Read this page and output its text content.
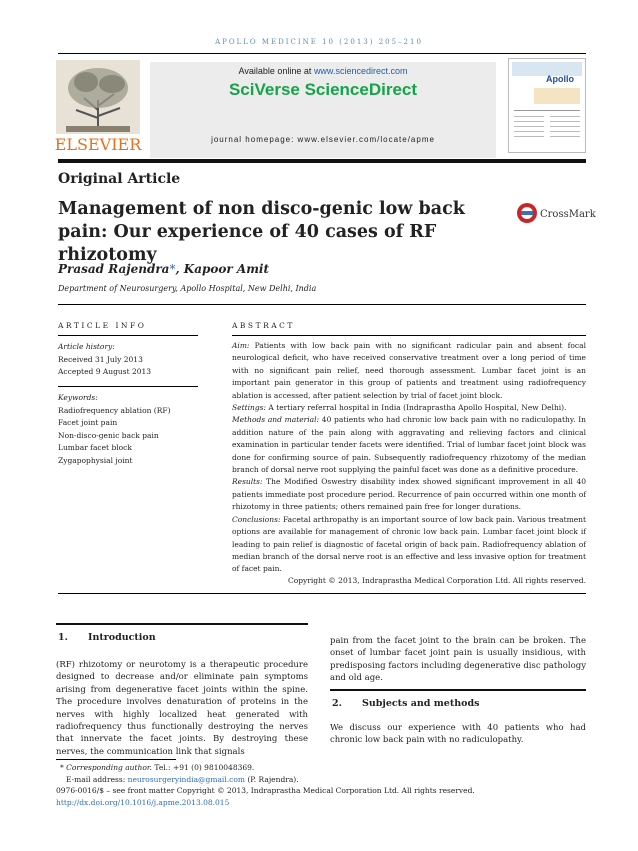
APOLLO MEDICINE 10 (2013) 205–210
ELSEVIER
Available online at www.sciencedirect.com
SciVerse ScienceDirect
journal homepage: www.elsevier.com/locate/apme
Apollo
Original Article
Management of non disco-genic low back pain: Our experience of 40 cases of RF rhizotomy
CrossMark
Prasad Rajendra*, Kapoor Amit
Department of Neurosurgery, Apollo Hospital, New Delhi, India
ARTICLE INFO
Article history:
Received 31 July 2013
Accepted 9 August 2013
Keywords:
Radiofrequency ablation (RF)
Facet joint pain
Non-disco-genic back pain
Lumbar facet block
Zygapophysial joint
ABSTRACT
Aim: Patients with low back pain with no significant radicular pain and absent focal neurological deficit, who have received conservative treatment over a long period of time with no significant pain relief, need thorough assessment. Lumbar facet joint is an important pain generator in this group of patients and treatment using radiofrequency ablation is accessed, after patient selection by trial of facet joint block.
Settings: A tertiary referral hospital in India (Indraprastha Apollo Hospital, New Delhi).
Methods and material: 40 patients who had chronic low back pain with no radiculopathy. In addition nature of the pain along with aggravating and relieving factors and clinical examination in particular tender facets were identified. Trial of lumbar facet joint block was done for confirming source of pain. Subsequently radiofrequency rhizotomy of the median branch of dorsal nerve root supplying the painful facet was done as a definitive procedure.
Results: The Modified Oswestry disability index showed significant improvement in all 40 patients immediate post procedure period. Recurrence of pain occurred within one month of rhizotomy in three patients; others remained pain free for longer durations.
Conclusions: Facetal arthropathy is an important source of low back pain. Various treatment options are available for management of chronic low back pain. Lumbar facet joint block if leading to pain relief is diagnostic of facetal origin of back pain. Radiofrequency ablation of median branch of the dorsal nerve root is an effective and less invasive option for treatment of facet pain.
Copyright © 2013, Indraprastha Medical Corporation Ltd. All rights reserved.
1. Introduction
(RF) rhizotomy or neurotomy is a therapeutic procedure designed to decrease and/or eliminate pain symptoms arising from degenerative facet joints within the spine. The procedure involves denaturation of proteins in the nerves with highly localized heat generated with radiofrequency thus functionally destroying the nerves that innervate the facet joints. By destroying these nerves, the communication link that signals
pain from the facet joint to the brain can be broken. The onset of lumbar facet joint pain is usually insidious, with predisposing factors including degenerative disc pathology and old age.
2. Subjects and methods
We discuss our experience with 40 patients who had chronic low back pain with no radiculopathy.
* Corresponding author. Tel.: +91 (0) 9810048369.
E-mail address: neurosurgeryindia@gmail.com (P. Rajendra).
0976-0016/$ – see front matter Copyright © 2013, Indraprastha Medical Corporation Ltd. All rights reserved.
http://dx.doi.org/10.1016/j.apme.2013.08.015
